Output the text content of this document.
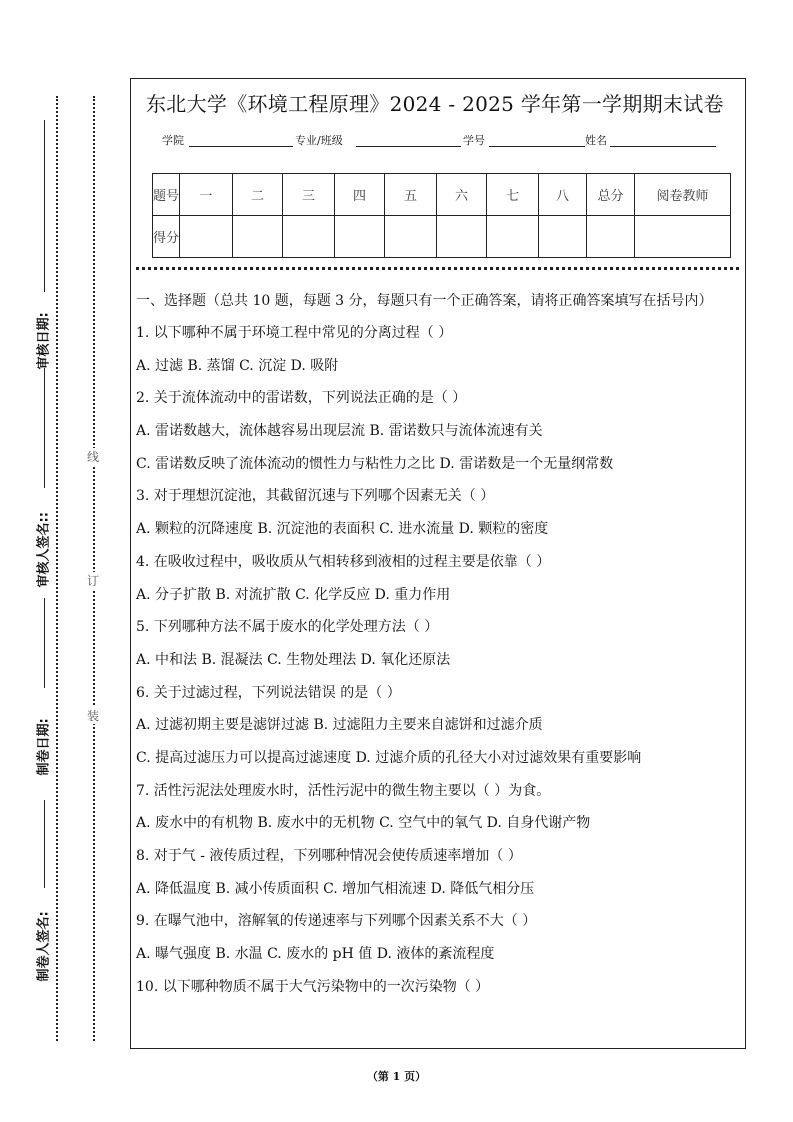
制卷人签名:
制卷日期:
审核人签名::
审核日期:
线
订
装
东北大学《环境工程原理》2024 - 2025 学年第一学期期末试卷
学院	专业/班级	学号	姓名
题号	一	二	三	四	五	六	七	八	总分	阅卷教师
得分										
一、选择题（总共 10 题，每题 3 分，每题只有一个正确答案，请将正确答案填写在括号内）
1. 以下哪种不属于环境工程中常见的分离过程（ ）
A. 过滤 B. 蒸馏 C. 沉淀 D. 吸附
2. 关于流体流动中的雷诺数，下列说法正确的是（ ）
A. 雷诺数越大，流体越容易出现层流 B. 雷诺数只与流体流速有关
C. 雷诺数反映了流体流动的惯性力与粘性力之比 D. 雷诺数是一个无量纲常数
3. 对于理想沉淀池，其截留沉速与下列哪个因素无关（ ）
A. 颗粒的沉降速度 B. 沉淀池的表面积 C. 进水流量 D. 颗粒的密度
4. 在吸收过程中，吸收质从气相转移到液相的过程主要是依靠（ ）
A. 分子扩散 B. 对流扩散 C. 化学反应 D. 重力作用
5. 下列哪种方法不属于废水的化学处理方法（ ）
A. 中和法 B. 混凝法 C. 生物处理法 D. 氧化还原法
6. 关于过滤过程，下列说法错误 的是（ ）
A. 过滤初期主要是滤饼过滤 B. 过滤阻力主要来自滤饼和过滤介质
C. 提高过滤压力可以提高过滤速度 D. 过滤介质的孔径大小对过滤效果有重要影响
7. 活性污泥法处理废水时，活性污泥中的微生物主要以（ ）为食。
A. 废水中的有机物 B. 废水中的无机物 C. 空气中的氧气 D. 自身代谢产物
8. 对于气 - 液传质过程，下列哪种情况会使传质速率增加（ ）
A. 降低温度 B. 减小传质面积 C. 增加气相流速 D. 降低气相分压
9. 在曝气池中，溶解氧的传递速率与下列哪个因素关系不大（ ）
A. 曝气强度 B. 水温 C. 废水的 pH 值 D. 液体的紊流程度
10. 以下哪种物质不属于大气污染物中的一次污染物（ ）
（第 1 页）
